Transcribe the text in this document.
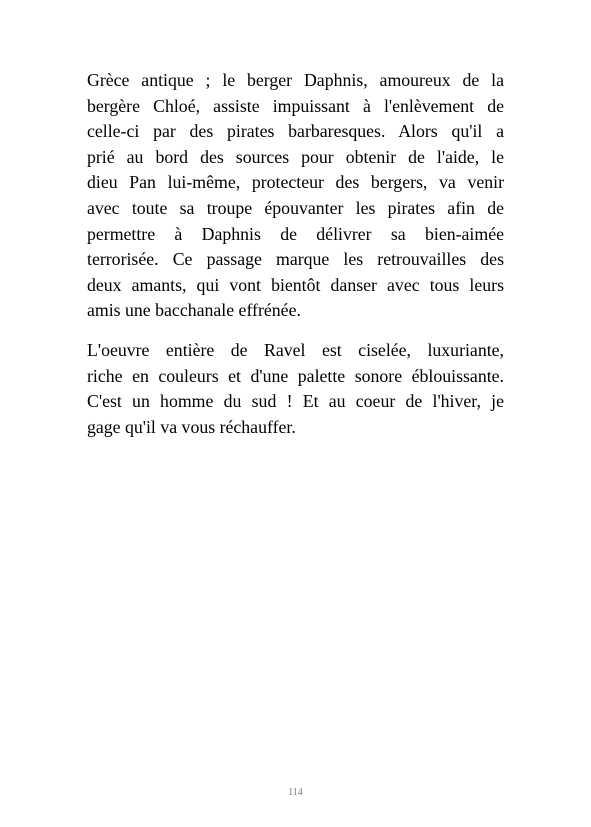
Grèce antique ; le berger Daphnis, amoureux de la
bergère Chloé, assiste impuissant à l'enlèvement de
celle-ci par des pirates barbaresques. Alors qu'il a
prié au bord des sources pour obtenir de l'aide, le
dieu Pan lui-même, protecteur des bergers, va venir
avec toute sa troupe épouvanter les pirates afin de
permettre à Daphnis de délivrer sa bien-aimée
terrorisée. Ce passage marque les retrouvailles des
deux amants, qui vont bientôt danser avec tous leurs
amis une bacchanale effrénée.
L'oeuvre entière de Ravel est ciselée, luxuriante,
riche en couleurs et d'une palette sonore éblouissante.
C'est un homme du sud ! Et au coeur de l'hiver, je
gage qu'il va vous réchauffer.
114
